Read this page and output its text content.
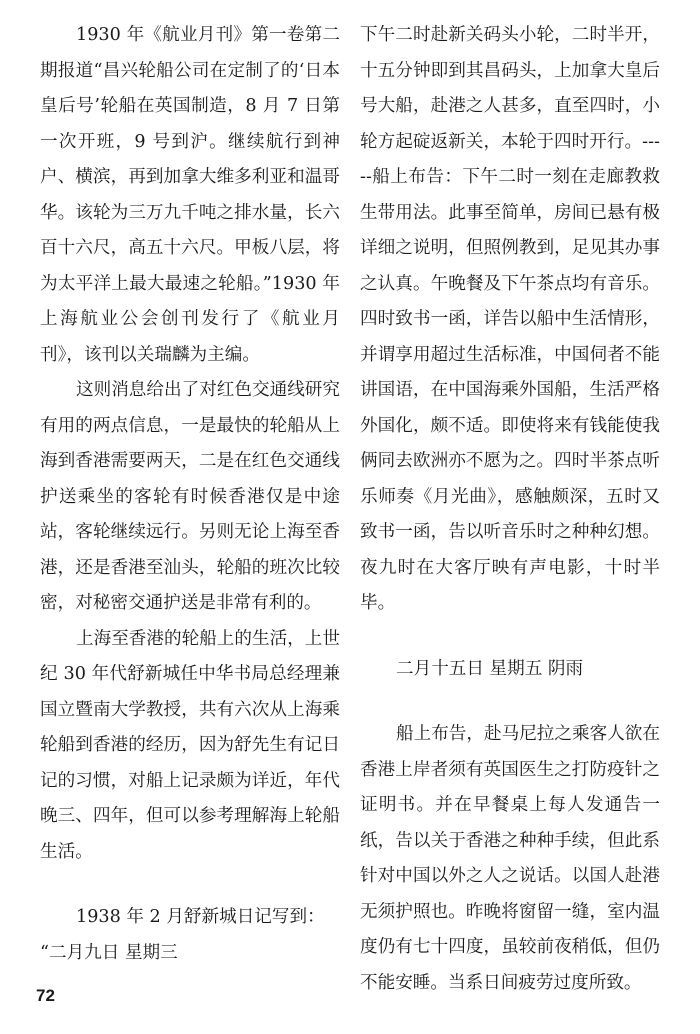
1930 年《航业月刊》第一卷第二期报道“昌兴轮船公司在定制了的‘日本皇后号’轮船在英国制造，8 月 7 日第一次开班，9 号到沪。继续航行到神户、横滨，再到加拿大维多利亚和温哥华。该轮为三万九千吨之排水量，长六百十六尺，高五十六尺。甲板八层，将为太平洋上最大最速之轮船。”1930 年上海航业公会创刊发行了《航业月刊》，该刊以关瑞麟为主编。

这则消息给出了对红色交通线研究有用的两点信息，一是最快的轮船从上海到香港需要两天，二是在红色交通线护送乘坐的客轮有时候香港仅是中途站，客轮继续远行。另则无论上海至香港，还是香港至汕头，轮船的班次比较密，对秘密交通护送是非常有利的。

上海至香港的轮船上的生活，上世纪 30 年代舒新城任中华书局总经理兼国立暨南大学教授，共有六次从上海乘轮船到香港的经历，因为舒先生有记日记的习惯，对船上记录颇为详近，年代晚三、四年，但可以参考理解海上轮船生活。

1938 年 2 月舒新城日记写到：

“二月九日 星期三

下午二时赴新关码头小轮，二时半开，十五分钟即到其昌码头，上加拿大皇后号大船，赴港之人甚多，直至四时，小轮方起碇返新关，本轮于四时开行。-----船上布告：下午二时一刻在走廊教救生带用法。此事至简单，房间已悬有极详细之说明，但照例教到，足见其办事之认真。午晚餐及下午茶点均有音乐。四时致书一函，详告以船中生活情形，并谓享用超过生活标准，中国伺者不能讲国语，在中国海乘外国船，生活严格外国化，颇不适。即使将来有钱能使我俩同去欧洲亦不愿为之。四时半茶点听乐师奏《月光曲》，感触颇深，五时又致书一函，告以听音乐时之种种幻想。夜九时在大客厅映有声电影，十时半毕。

二月十五日 星期五 阴雨

船上布告，赴马尼拉之乘客人欲在香港上岸者须有英国医生之打防疫针之证明书。并在早餐桌上每人发通告一纸，告以关于香港之种种手续，但此系针对中国以外之人之说话。以国人赴港无须护照也。昨晚将窗留一缝，室内温度仍有七十四度，虽较前夜稍低，但仍不能安睡。当系日间疲劳过度所致。

72
